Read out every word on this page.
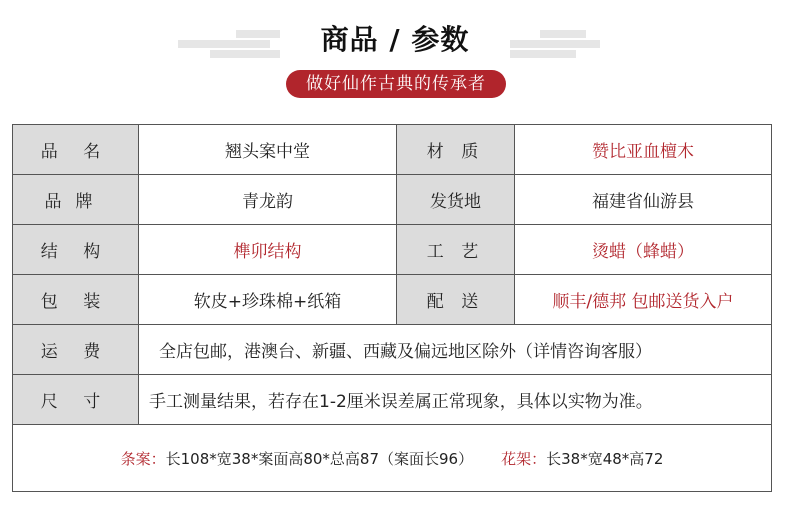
商品 / 参数
做好仙作古典的传承者
品 名	翘头案中堂	材 质	赞比亚血檀木
品牌	青龙韵	发货地	福建省仙游县
结 构	榫卯结构	工 艺	烫蜡（蜂蜡）
包 装	软皮+珍珠棉+纸箱	配 送	顺丰/德邦 包邮送货入户
运 费	全店包邮，港澳台、新疆、西藏及偏远地区除外（详情咨询客服）
尺 寸	手工测量结果，若存在1-2厘米误差属正常现象，具体以实物为准。
条案： 长108*宽38*案面高80*总高87（案面长96） 花架： 长38*宽48*高72
